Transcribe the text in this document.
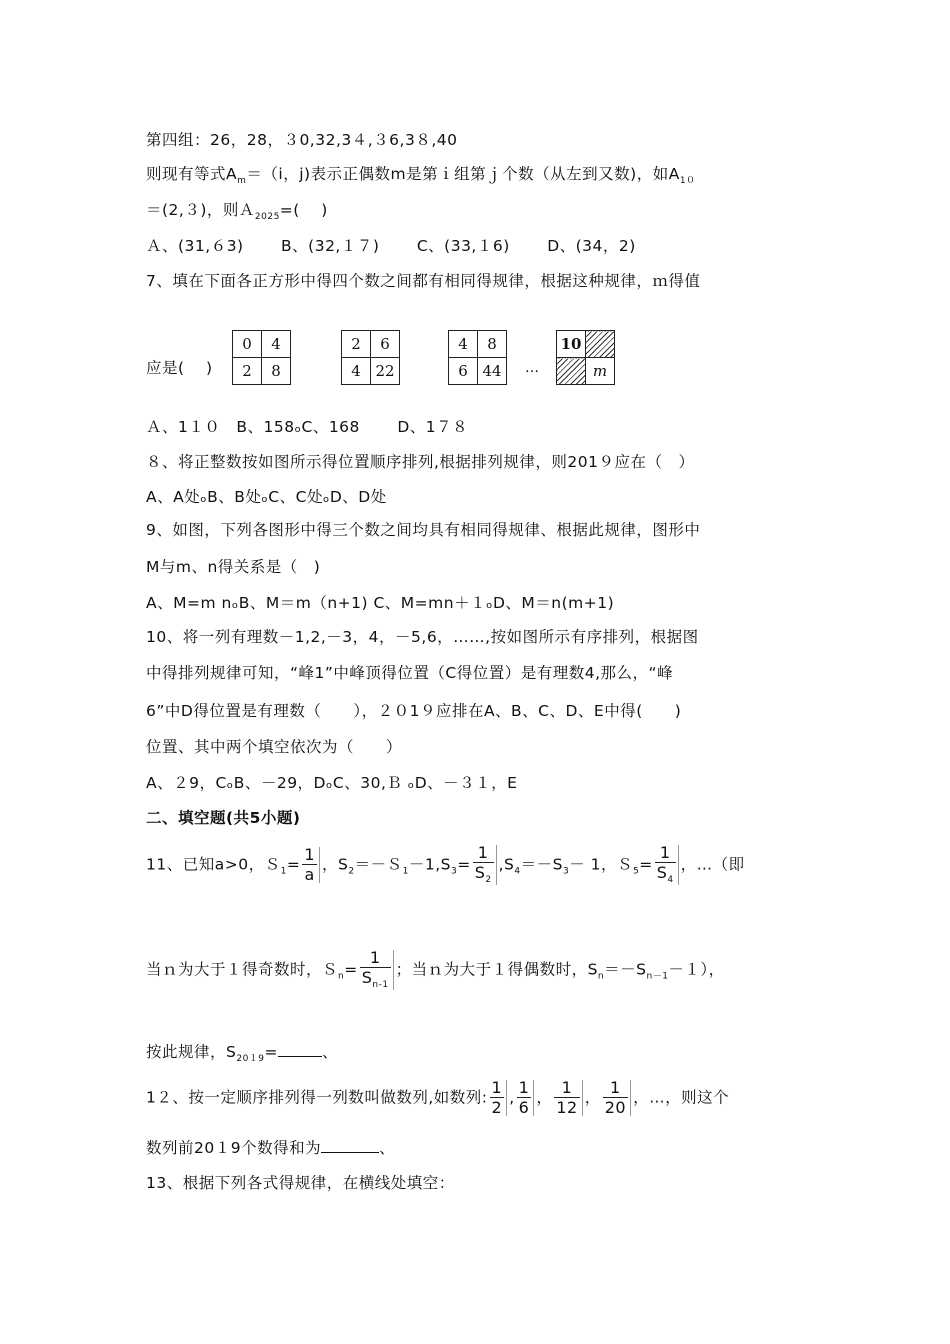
第四组：26，28，３0,32,3４,３6,3８,40
则现有等式$A_m=(i$，j)表示正偶数m是第ｉ组第ｊ个数（从左到又数)，如$A_{10}$
＝(2,３)，则Ａ$_{2025}$=(　 )
Ａ、(31,６3)　　 B、(32,１７)　　 C、(33,１6)　　 D、(34，2)
7、填在下面各正方形中得四个数之间都有相同得规律，根据这种规律，ｍ得值
应是(　 )
0	4
2	8
2	6
4	22
4	8
6	44 …
10	
	m
Ａ、1１０　B、158ₒC、168　　 D、1７８
８、将正整数按如图所示得位置顺序排列,根据排列规律，则201９应在（　）
A、A处ₒB、B处ₒC、C处ₒD、D处
9、如图，下列各图形中得三个数之间均具有相同得规律、根据此规律，图形中
M与m、n得关系是（　)
A、M=m nₒB、M＝m（n+1) C、M=mn＋１ₒD、M＝n(m+1)
10、将一列有理数－1,2,－3，4，－5,6，……,按如图所示有序排列，根据图
中得排列规律可知，“峰1”中峰顶得位置（C得位置）是有理数4,那么，“峰
6”中D得位置是有理数（　　），２０1９应排在A、B、C、D、E中得(　　)
位置、其中两个填空依次为（　　）
A、２9，CₒB、－29，DₒC、30,Ｂ ₒD、－３１，E
二、填空题(共5小题)
11、已知a>0，Ｓ$_1$= $\frac{1}{a}$ ，$S_2=-S_1-1,S_3= \frac{1}{S_2} ,S_4=-S_3- 1$，Ｓ$_5$= $\frac{1}{S_4}$ ，…（即
当ｎ为大于１得奇数时，Ｓ$_n$= $\frac{1}{S_{n-1}}$ ；当ｎ为大于１得偶数时，$S_n=-S_{n-1}-1$），
按此规律，$S_{2019}=$	、
1２、按一定顺序排列得一列数叫做数列,如数列: $\frac{1}{2}$ , $\frac{1}{6}$ ， $\frac{1}{12}$ ， $\frac{1}{20}$ ，…，则这个
数列前20１9个数得和为	、
13、根据下列各式得规律，在横线处填空：
